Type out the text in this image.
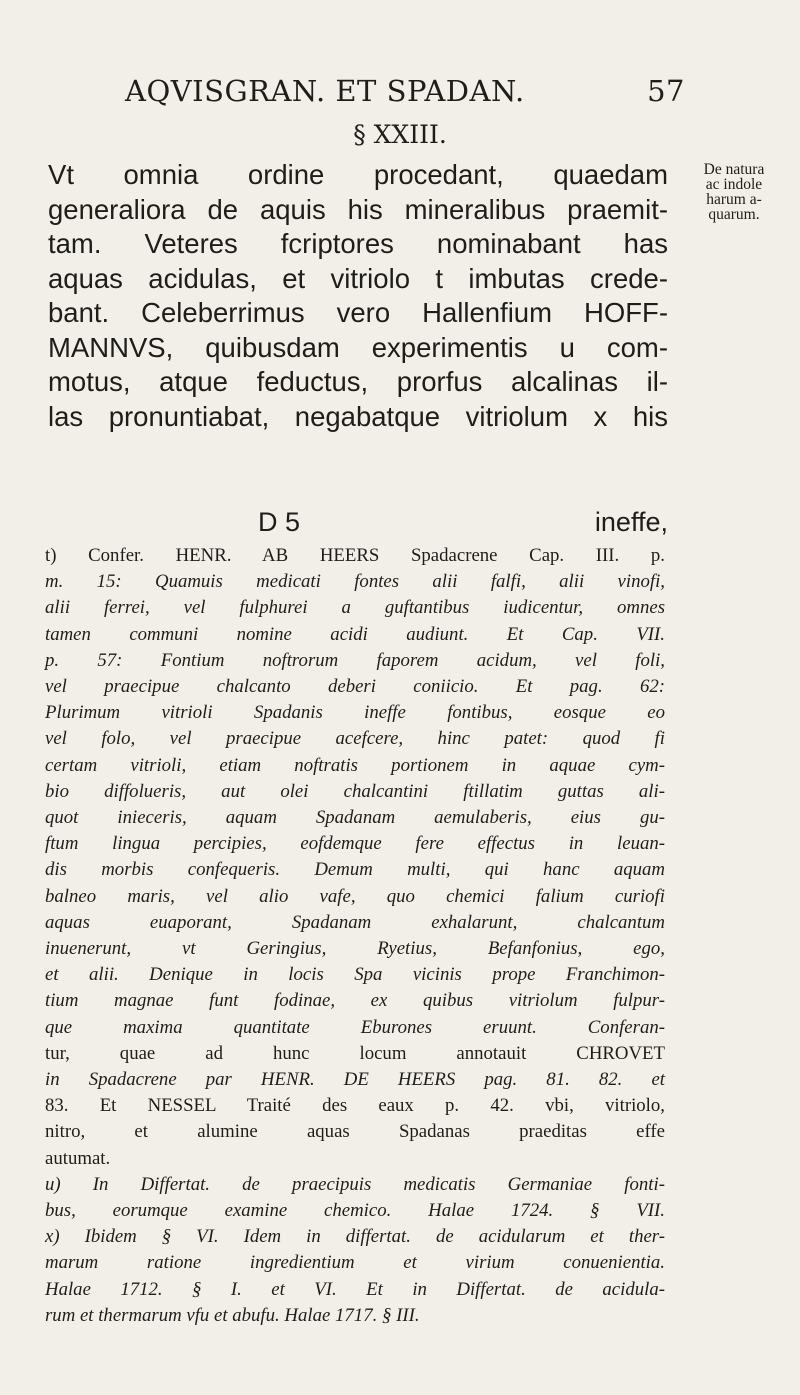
AQVISGRAN. ET SPADAN.	57
§ XXIII.
Vt omnia ordine procedant, quaedam
generaliora de aquis his mineralibus praemit-
tam. Veteres fcriptores nominabant has
aquas acidulas, et vitriolo t imbutas crede-
bant. Celeberrimus vero Hallenfium HOFF-
MANNVS, quibusdam experimentis u com-
motus, atque feductus, prorfus alcalinas il-
las pronuntiabat, negabatque vitriolum x his
De natura
ac indole
harum a-
quarum.
D 5	ineffe,
t) Confer. HENR. AB HEERS Spadacrene Cap. III. p.
m. 15: Quamuis medicati fontes alii falfi, alii vinofi,
alii ferrei, vel fulphurei a guftantibus iudicentur, omnes
tamen communi nomine acidi audiunt. Et Cap. VII.
p. 57: Fontium noftrorum faporem acidum, vel foli,
vel praecipue chalcanto deberi coniicio. Et pag. 62:
Plurimum vitrioli Spadanis ineffe fontibus, eosque eo
vel folo, vel praecipue acefcere, hinc patet: quod fi
certam vitrioli, etiam noftratis portionem in aquae cym-
bio diffolueris, aut olei chalcantini ftillatim guttas ali-
quot inieceris, aquam Spadanam aemulaberis, eius gu-
ftum lingua percipies, eofdemque fere effectus in leuan-
dis morbis confequeris. Demum multi, qui hanc aquam
balneo maris, vel alio vafe, quo chemici falium curiofi
aquas euaporant, Spadanam exhalarunt, chalcantum
inuenerunt, vt Geringius, Ryetius, Befanfonius, ego,
et alii. Denique in locis Spa vicinis prope Franchimon-
tium magnae funt fodinae, ex quibus vitriolum fulpur-
que maxima quantitate Eburones eruunt. Conferan-
tur, quae ad hunc locum annotauit CHROVET
in Spadacrene par HENR. DE HEERS pag. 81. 82. et
83. Et NESSEL Traité des eaux p. 42. vbi, vitriolo,
nitro, et alumine aquas Spadanas praeditas effe
autumat.
u) In Differtat. de praecipuis medicatis Germaniae fonti-
bus, eorumque examine chemico. Halae 1724. § VII.
x) Ibidem § VI. Idem in differtat. de acidularum et ther-
marum ratione ingredientium et virium conuenientia.
Halae 1712. § I. et VI. Et in Differtat. de acidula-
rum et thermarum vfu et abufu. Halae 1717. § III.
